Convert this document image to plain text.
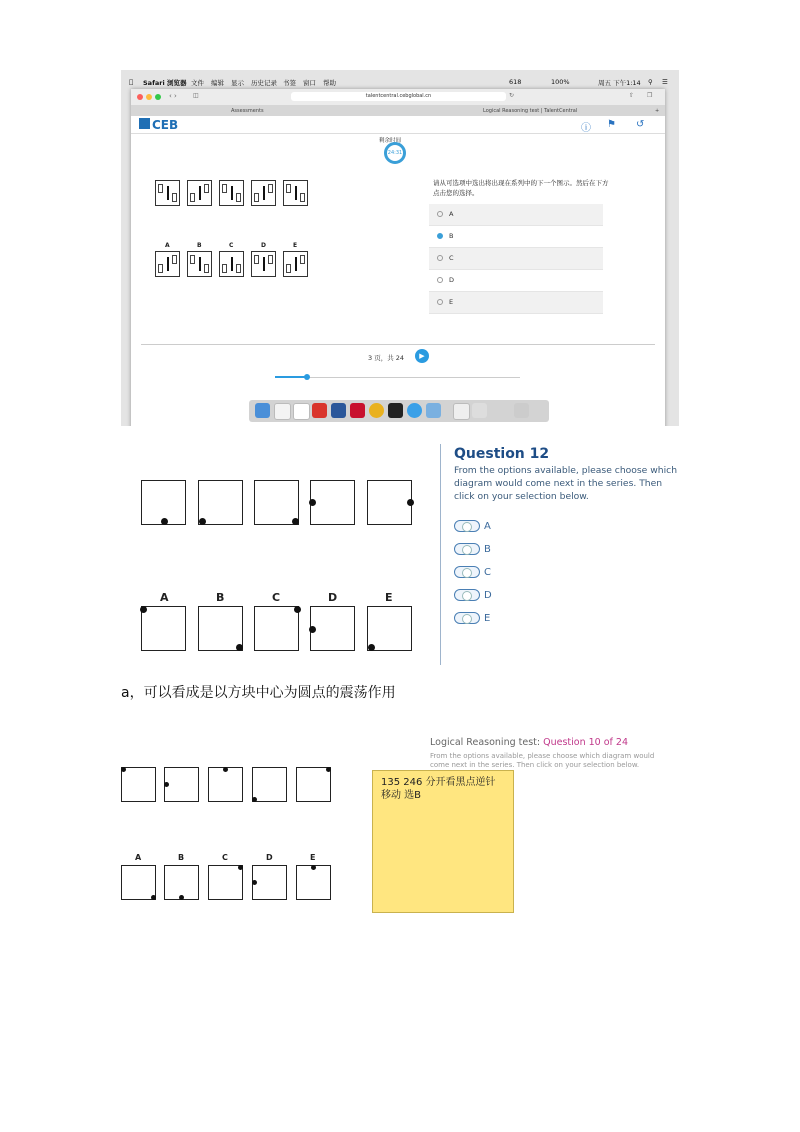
Safari 浏览器 文件 编辑 显示 历史记录 书签 窗口 帮助	618	100%	周五 下午1:14 ⚲ ☰
‹ ›	◫	talentcentral.cebglobal.cn	↻	⇧ ❐
Assessments	Logical Reasoning test | TalentCentral	+
CEB	ⓘ ⚑ ↺
剩余时间
24:31
A	B	C	D	E
请从可选项中选出将出现在系列中的下一个图示。然后在下方点击您的选择。
A
B
C
D
E
3 页，共 24	▶
A	B	C	D	E
Question 12
From the options available, please choose which diagram would come next in the series. Then click on your selection below.
A
B
C
D
E
a，可以看成是以方块中心为圆点的震荡作用
A	B	C	D	E
Logical Reasoning test: Question 10 of 24
From the options available, please choose which diagram would come next in the series. Then click on your selection below.
135 246 分开看黑点逆针移动 选B
